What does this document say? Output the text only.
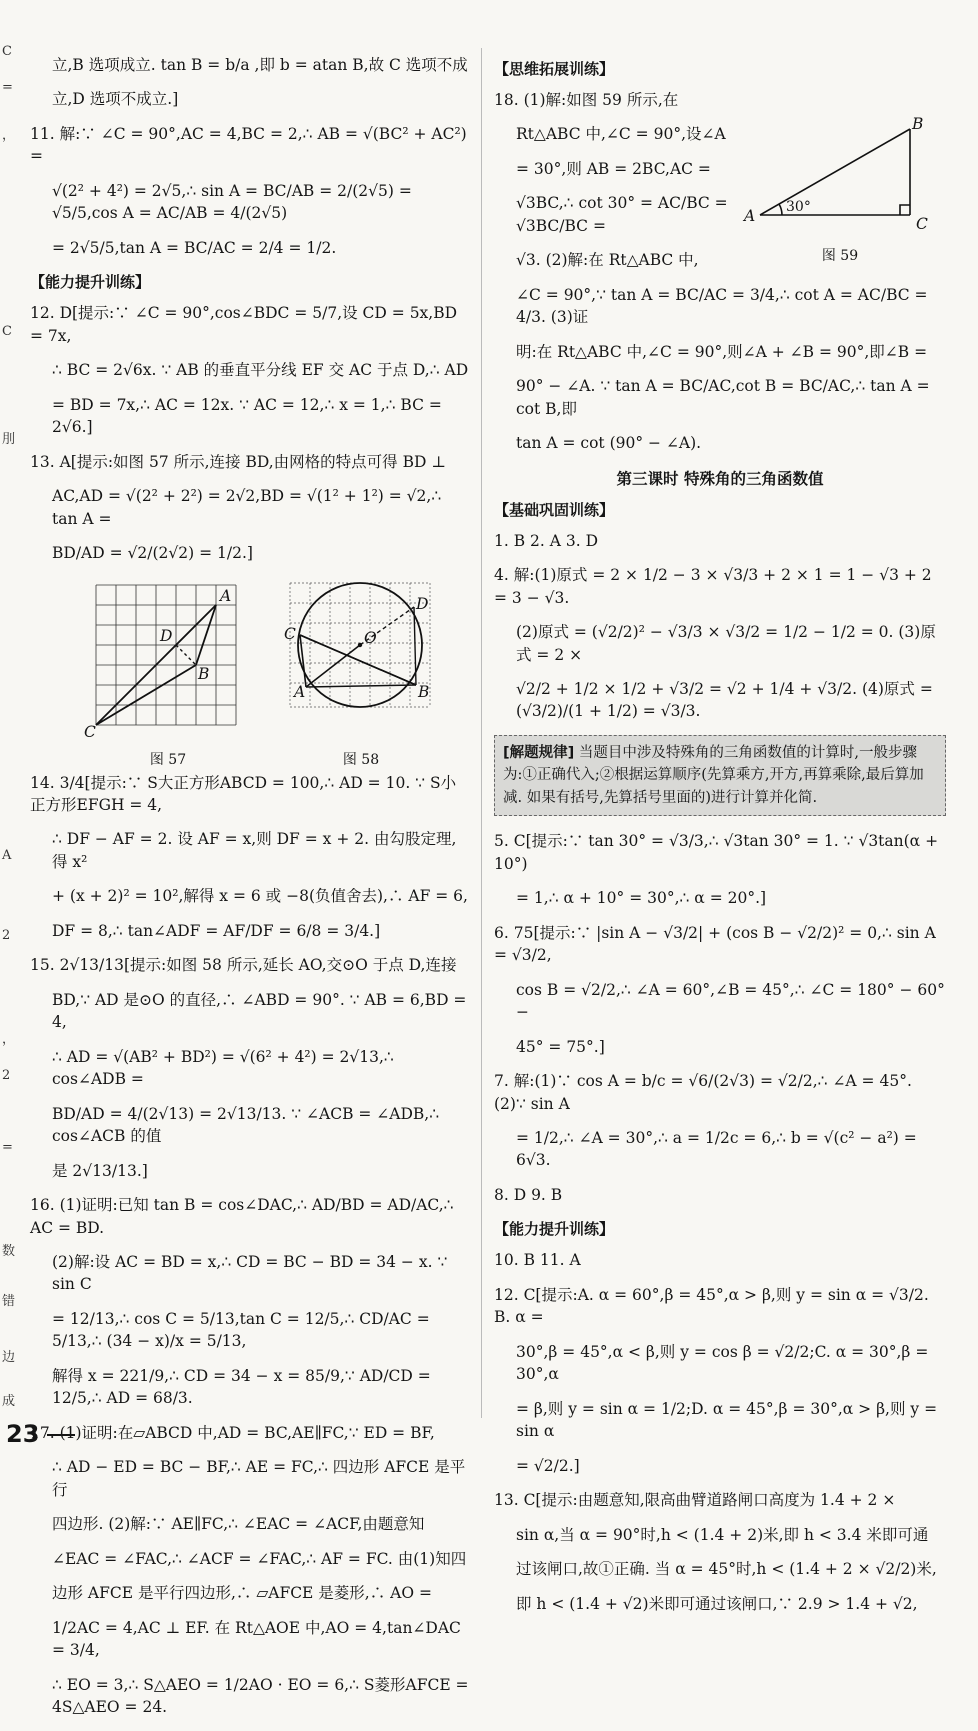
C
=
，
C
刖
A
2
，
2
=
数
错
边
成
立,B 选项成立. tan B = b/a ,即 b = atan B,故 C 选项不成
立,D 选项不成立.]
11. 解:∵ ∠C = 90°,AC = 4,BC = 2,∴ AB = √(BC² + AC²) =
√(2² + 4²) = 2√5,∴ sin A = BC/AB = 2/(2√5) = √5/5,cos A = AC/AB = 4/(2√5)
= 2√5/5,tan A = BC/AC = 2/4 = 1/2.
【能力提升训练】
12. D[提示:∵ ∠C = 90°,cos∠BDC = 5/7,设 CD = 5x,BD = 7x,
∴ BC = 2√6x. ∵ AB 的垂直平分线 EF 交 AC 于点 D,∴ AD
= BD = 7x,∴ AC = 12x. ∵ AC = 12,∴ x = 1,∴ BC = 2√6.]
13. A[提示:如图 57 所示,连接 BD,由网格的特点可得 BD ⊥
AC,AD = √(2² + 2²) = 2√2,BD = √(1² + 1²) = √2,∴ tan A =
BD/AD = √2/(2√2) = 1/2.]
A
B
C
D
图 57
C
A	B
D
O
图 58
14. 3/4[提示:∵ S大正方形ABCD = 100,∴ AD = 10. ∵ S小正方形EFGH = 4,
∴ DF − AF = 2. 设 AF = x,则 DF = x + 2. 由勾股定理,得 x²
+ (x + 2)² = 10²,解得 x = 6 或 −8(负值舍去),∴ AF = 6,
DF = 8,∴ tan∠ADF = AF/DF = 6/8 = 3/4.]
15. 2√13/13[提示:如图 58 所示,延长 AO,交⊙O 于点 D,连接
BD,∵ AD 是⊙O 的直径,∴ ∠ABD = 90°. ∵ AB = 6,BD = 4,
∴ AD = √(AB² + BD²) = √(6² + 4²) = 2√13,∴ cos∠ADB =
BD/AD = 4/(2√13) = 2√13/13. ∵ ∠ACB = ∠ADB,∴ cos∠ACB 的值
是 2√13/13.]
16. (1)证明:已知 tan B = cos∠DAC,∴ AD/BD = AD/AC,∴ AC = BD.
(2)解:设 AC = BD = x,∴ CD = BC − BD = 34 − x. ∵ sin C
= 12/13,∴ cos C = 5/13,tan C = 12/5,∴ CD/AC = 5/13,∴ (34 − x)/x = 5/13,
解得 x = 221/9,∴ CD = 34 − x = 85/9,∵ AD/CD = 12/5,∴ AD = 68/3.
17. (1)证明:在▱ABCD 中,AD = BC,AE∥FC,∵ ED = BF,
∴ AD − ED = BC − BF,∴ AE = FC,∴ 四边形 AFCE 是平行
四边形. (2)解:∵ AE∥FC,∴ ∠EAC = ∠ACF,由题意知
∠EAC = ∠FAC,∴ ∠ACF = ∠FAC,∴ AF = FC. 由(1)知四
边形 AFCE 是平行四边形,∴ ▱AFCE 是菱形,∴ AO =
1/2AC = 4,AC ⊥ EF. 在 Rt△AOE 中,AO = 4,tan∠DAC = 3/4,
∴ EO = 3,∴ S△AEO = 1/2AO · EO = 6,∴ S菱形AFCE = 4S△AEO = 24.
【思维拓展训练】
18. (1)解:如图 59 所示,在
Rt△ABC 中,∠C = 90°,设∠A
= 30°,则 AB = 2BC,AC =
√3BC,∴ cot 30° = AC/BC = √3BC/BC =
√3. (2)解:在 Rt△ABC 中,
A
B
C
30°
图 59
∠C = 90°,∵ tan A = BC/AC = 3/4,∴ cot A = AC/BC = 4/3. (3)证
明:在 Rt△ABC 中,∠C = 90°,则∠A + ∠B = 90°,即∠B =
90° − ∠A. ∵ tan A = BC/AC,cot B = BC/AC,∴ tan A = cot B,即
tan A = cot (90° − ∠A).
第三课时 特殊角的三角函数值
【基础巩固训练】
1. B 2. A 3. D
4. 解:(1)原式 = 2 × 1/2 − 3 × √3/3 + 2 × 1 = 1 − √3 + 2 = 3 − √3.
(2)原式 = (√2/2)² − √3/3 × √3/2 = 1/2 − 1/2 = 0. (3)原式 = 2 ×
√2/2 + 1/2 × 1/2 + √3/2 = √2 + 1/4 + √3/2. (4)原式 = (√3/2)/(1 + 1/2) = √3/3.
[解题规律] 当题目中涉及特殊角的三角函数值的计算时,一般步骤为:①正确代入;②根据运算顺序(先算乘方,开方,再算乘除,最后算加减. 如果有括号,先算括号里面的)进行计算并化简.
5. C[提示:∵ tan 30° = √3/3,∴ √3tan 30° = 1. ∵ √3tan(α + 10°)
= 1,∴ α + 10° = 30°,∴ α = 20°.]
6. 75[提示:∵ |sin A − √3/2| + (cos B − √2/2)² = 0,∴ sin A = √3/2,
cos B = √2/2,∴ ∠A = 60°,∠B = 45°,∴ ∠C = 180° − 60° −
45° = 75°.]
7. 解:(1)∵ cos A = b/c = √6/(2√3) = √2/2,∴ ∠A = 45°. (2)∵ sin A
= 1/2,∴ ∠A = 30°,∴ a = 1/2c = 6,∴ b = √(c² − a²) = 6√3.
8. D 9. B
【能力提升训练】
10. B 11. A
12. C[提示:A. α = 60°,β = 45°,α > β,则 y = sin α = √3/2. B. α =
30°,β = 45°,α < β,则 y = cos β = √2/2;C. α = 30°,β = 30°,α
= β,则 y = sin α = 1/2;D. α = 45°,β = 30°,α > β,则 y = sin α
= √2/2.]
13. C[提示:由题意知,限高曲臂道路闸口高度为 1.4 + 2 ×
sin α,当 α = 90°时,h < (1.4 + 2)米,即 h < 3.4 米即可通
过该闸口,故①正确. 当 α = 45°时,h < (1.4 + 2 × √2/2)米,
即 h < (1.4 + √2)米即可通过该闸口,∵ 2.9 > 1.4 + √2,
23
